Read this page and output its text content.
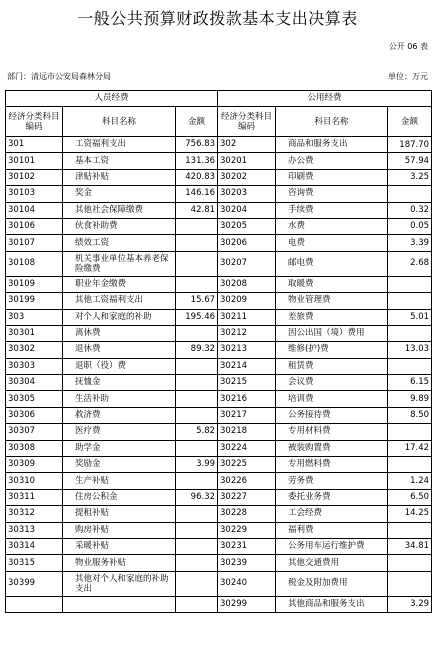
一般公共预算财政拨款基本支出决算表
公开 06 表
部门：清远市公安局森林分局	单位：万元
人员经费			公用经费		
经济分类科目编码	科目名称	金额	经济分类科目编码	科目名称	金额
301	工资福利支出	756.83	302	商品和服务支出	187.70
30101	基本工资	131.36	30201	办公费	57.94
30102	津贴补贴	420.83	30202	印刷费	3.25
30103	奖金	146.16	30203	咨询费	
30104	其他社会保障缴费	42.81	30204	手续费	0.32
30106	伙食补助费		30205	水费	0.05
30107	绩效工资		30206	电费	3.39
30108	机关事业单位基本养老保险缴费		30207	邮电费	2.68
30109	职业年金缴费		30208	取暖费	
30199	其他工资福利支出	15.67	30209	物业管理费	
303	对个人和家庭的补助	195.46	30211	差旅费	5.01
30301	离休费		30212	因公出国（境）费用	
30302	退休费	89.32	30213	维修(护)费	13.03
30303	退职（役）费		30214	租赁费	
30304	抚恤金		30215	会议费	6.15
30305	生活补助		30216	培训费	9.89
30306	救济费		30217	公务接待费	8.50
30307	医疗费	5.82	30218	专用材料费	
30308	助学金		30224	被装购置费	17.42
30309	奖励金	3.99	30225	专用燃料费	
30310	生产补贴		30226	劳务费	1.24
30311	住房公积金	96.32	30227	委托业务费	6.50
30312	提租补贴		30228	工会经费	14.25
30313	购房补贴		30229	福利费	
30314	采暖补贴		30231	公务用车运行维护费	34.81
30315	物业服务补贴		30239	其他交通费用	
30399	其他对个人和家庭的补助支出		30240	税金及附加费用	
			30299	其他商品和服务支出	3.29
